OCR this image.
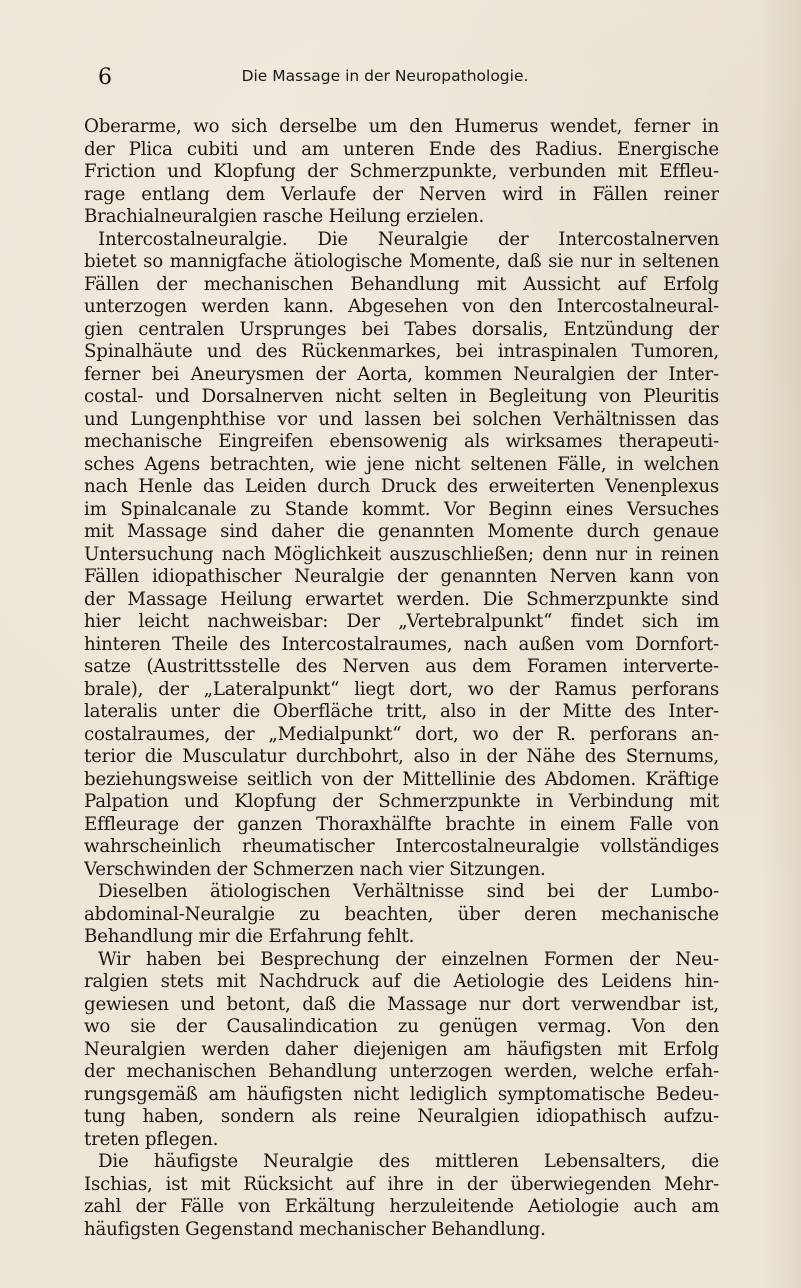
6	Die Massage in der Neuropathologie.
Oberarme, wo sich derselbe um den Humerus wendet, ferner in
der Plica cubiti und am unteren Ende des Radius. Energische
Friction und Klopfung der Schmerzpunkte, verbunden mit Effleu-
rage entlang dem Verlaufe der Nerven wird in Fällen reiner
Brachialneuralgien rasche Heilung erzielen.
Intercostalneuralgie. Die Neuralgie der Intercostalnerven
bietet so mannigfache ätiologische Momente, daß sie nur in seltenen
Fällen der mechanischen Behandlung mit Aussicht auf Erfolg
unterzogen werden kann. Abgesehen von den Intercostalneural-
gien centralen Ursprunges bei Tabes dorsalis, Entzündung der
Spinalhäute und des Rückenmarkes, bei intraspinalen Tumoren,
ferner bei Aneurysmen der Aorta, kommen Neuralgien der Inter-
costal- und Dorsalnerven nicht selten in Begleitung von Pleuritis
und Lungenphthise vor und lassen bei solchen Verhältnissen das
mechanische Eingreifen ebensowenig als wirksames therapeuti-
sches Agens betrachten, wie jene nicht seltenen Fälle, in welchen
nach Henle das Leiden durch Druck des erweiterten Venenplexus
im Spinalcanale zu Stande kommt. Vor Beginn eines Versuches
mit Massage sind daher die genannten Momente durch genaue
Untersuchung nach Möglichkeit auszuschließen; denn nur in reinen
Fällen idiopathischer Neuralgie der genannten Nerven kann von
der Massage Heilung erwartet werden. Die Schmerzpunkte sind
hier leicht nachweisbar: Der „Vertebralpunkt“ findet sich im
hinteren Theile des Intercostalraumes, nach außen vom Dornfort-
satze (Austrittsstelle des Nerven aus dem Foramen interverte-
brale), der „Lateralpunkt“ liegt dort, wo der Ramus perforans
lateralis unter die Oberfläche tritt, also in der Mitte des Inter-
costalraumes, der „Medialpunkt“ dort, wo der R. perforans an-
terior die Musculatur durchbohrt, also in der Nähe des Sternums,
beziehungsweise seitlich von der Mittellinie des Abdomen. Kräftige
Palpation und Klopfung der Schmerzpunkte in Verbindung mit
Effleurage der ganzen Thoraxhälfte brachte in einem Falle von
wahrscheinlich rheumatischer Intercostalneuralgie vollständiges
Verschwinden der Schmerzen nach vier Sitzungen.
Dieselben ätiologischen Verhältnisse sind bei der Lumbo-
abdominal-Neuralgie zu beachten, über deren mechanische
Behandlung mir die Erfahrung fehlt.
Wir haben bei Besprechung der einzelnen Formen der Neu-
ralgien stets mit Nachdruck auf die Aetiologie des Leidens hin-
gewiesen und betont, daß die Massage nur dort verwendbar ist,
wo sie der Causalindication zu genügen vermag. Von den
Neuralgien werden daher diejenigen am häufigsten mit Erfolg
der mechanischen Behandlung unterzogen werden, welche erfah-
rungsgemäß am häufigsten nicht lediglich symptomatische Bedeu-
tung haben, sondern als reine Neuralgien idiopathisch aufzu-
treten pflegen.
Die häufigste Neuralgie des mittleren Lebensalters, die
Ischias, ist mit Rücksicht auf ihre in der überwiegenden Mehr-
zahl der Fälle von Erkältung herzuleitende Aetiologie auch am
häufigsten Gegenstand mechanischer Behandlung.
